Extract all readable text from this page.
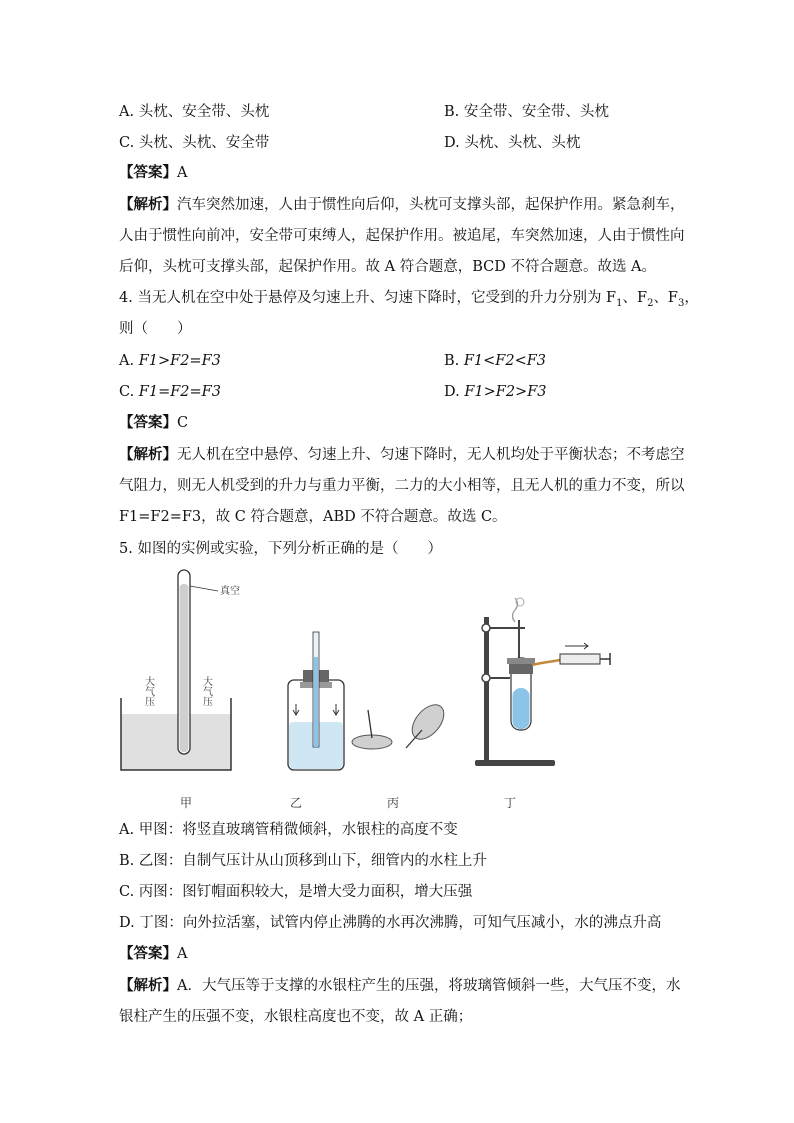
A. 头枕、安全带、头枕	B. 安全带、安全带、头枕
C. 头枕、头枕、安全带	D. 头枕、头枕、头枕
【答案】A
【解析】汽车突然加速，人由于惯性向后仰，头枕可支撑头部，起保护作用。紧急刹车，
人由于惯性向前冲，安全带可束缚人，起保护作用。被追尾，车突然加速，人由于惯性向
后仰，头枕可支撑头部，起保护作用。故 A 符合题意，BCD 不符合题意。故选 A。
4. 当无人机在空中处于悬停及匀速上升、匀速下降时，它受到的升力分别为 $F_1$、$F_2$、$F_3$，
则（　　）
A. F1>F2=F3	B. F1<F2<F3
C. F1=F2=F3	D. F1>F2>F3
【答案】C
【解析】无人机在空中悬停、匀速上升、匀速下降时，无人机均处于平衡状态；不考虑空
气阻力，则无人机受到的升力与重力平衡，二力的大小相等，且无人机的重力不变，所以
F1=F2=F3，故 C 符合题意，ABD 不符合题意。故选 C。
5. 如图的实例或实验，下列分析正确的是（　　）
真空
大气压	大气压
甲	乙	丙	丁
A. 甲图：将竖直玻璃管稍微倾斜，水银柱的高度不变
B. 乙图：自制气压计从山顶移到山下，细管内的水柱上升
C. 丙图：图钉帽面积较大，是增大受力面积，增大压强
D. 丁图：向外拉活塞，试管内停止沸腾的水再次沸腾，可知气压减小，水的沸点升高
【答案】A
【解析】A．大气压等于支撑的水银柱产生的压强，将玻璃管倾斜一些，大气压不变，水
银柱产生的压强不变，水银柱高度也不变，故 A 正确；
